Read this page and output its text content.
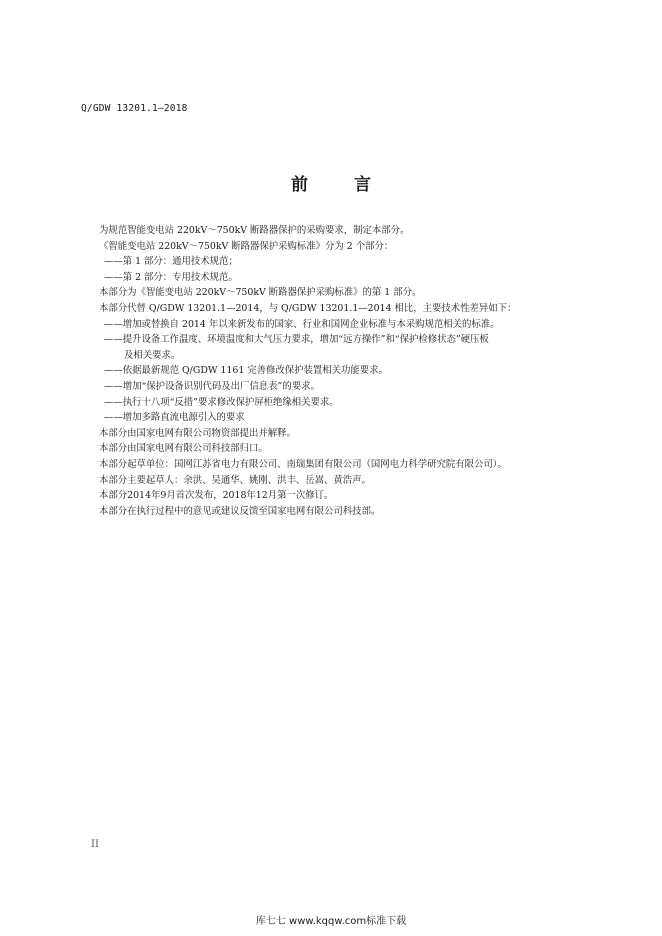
Q/GDW 13201.1—2018
前 言

为规范智能变电站 220kV～750kV 断路器保护的采购要求，制定本部分。

《智能变电站 220kV～750kV 断路器保护采购标准》分为 2 个部分：

——第 1 部分：通用技术规范；

——第 2 部分：专用技术规范。

本部分为《智能变电站 220kV～750kV 断路器保护采购标准》的第 1 部分。

本部分代替 Q/GDW 13201.1—2014，与 Q/GDW 13201.1—2014 相比，主要技术性差异如下：

——增加或替换自 2014 年以来新发布的国家、行业和国网企业标准与本采购规范相关的标准。

——提升设备工作温度、环境温度和大气压力要求，增加“远方操作”和“保护检修状态”硬压板

及相关要求。

——依据最新规范 Q/GDW 1161 完善修改保护装置相关功能要求。

——增加“保护设备识别代码及出厂信息表”的要求。

——执行十八项“反措”要求修改保护屏柜绝缘相关要求。

——增加多路直流电源引入的要求

本部分由国家电网有限公司物资部提出并解释。

本部分由国家电网有限公司科技部归口。

本部分起草单位：国网江苏省电力有限公司、南瑞集团有限公司（国网电力科学研究院有限公司）。

本部分主要起草人：余洪、吴通华、姚刚、洪丰、岳嵩、黄浩声。

本部分2014年9月首次发布，2018年12月第一次修订。

本部分在执行过程中的意见或建议反馈至国家电网有限公司科技部。

II
库七七 www.kqqw.com标准下载
